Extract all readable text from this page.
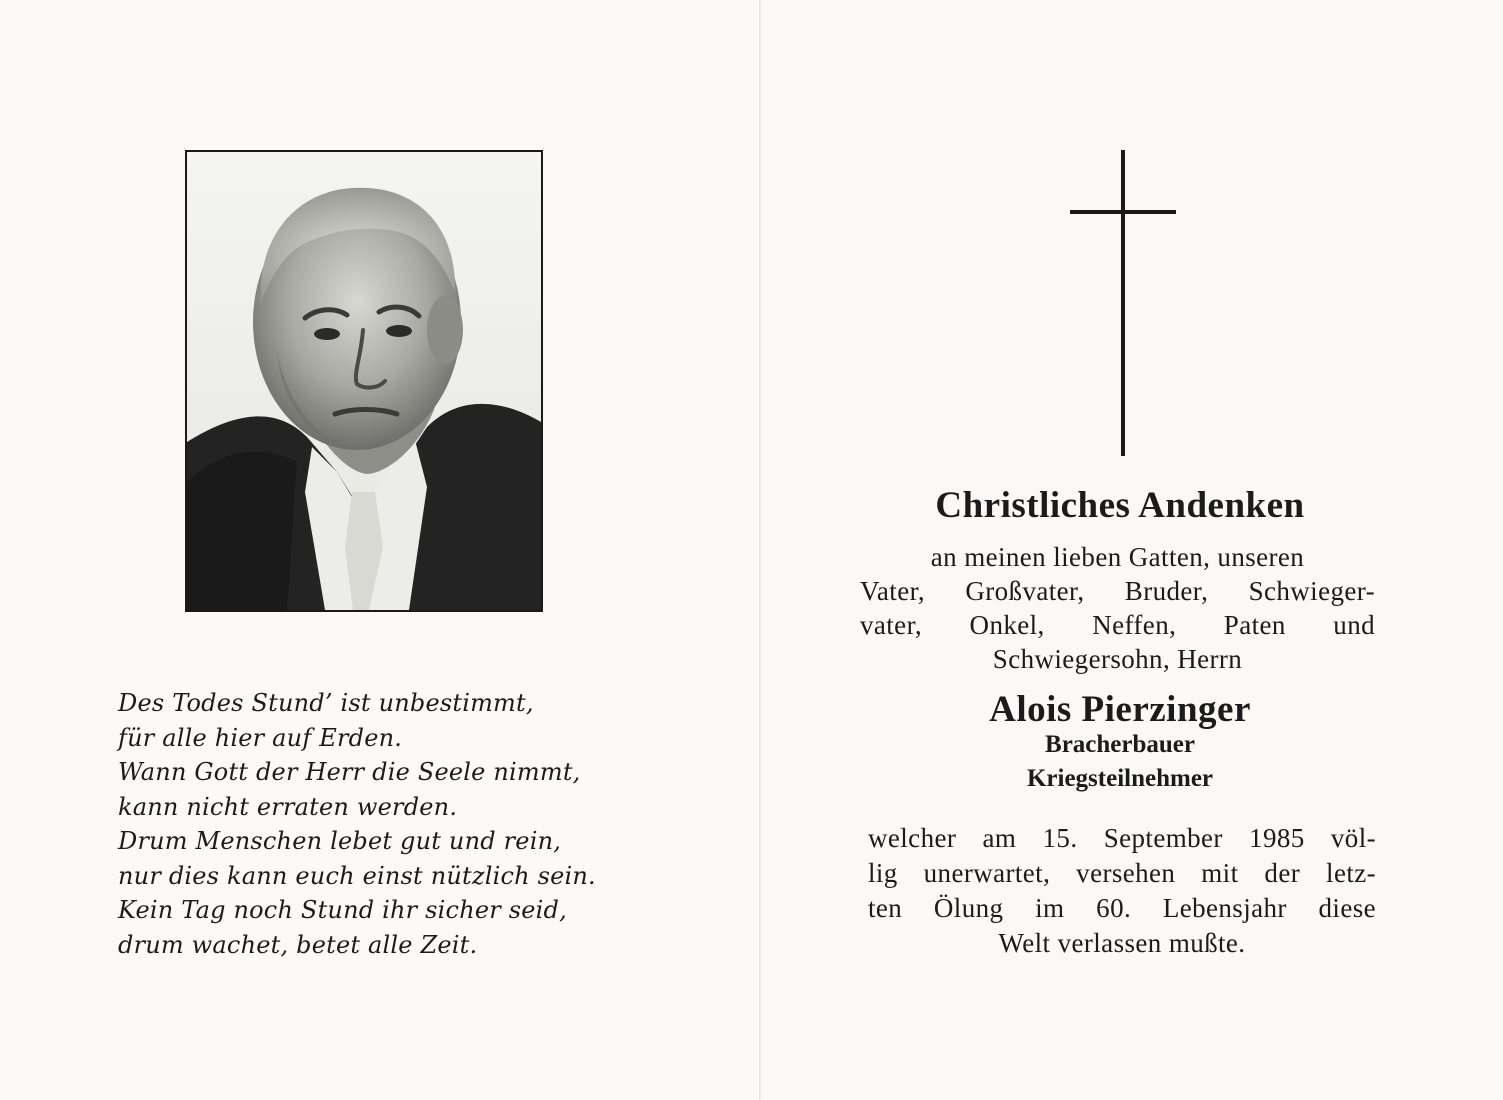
Des Todes Stund’ ist unbestimmt,
für alle hier auf Erden.
Wann Gott der Herr die Seele nimmt,
kann nicht erraten werden.
Drum Menschen lebet gut und rein,
nur dies kann euch einst nützlich sein.
Kein Tag noch Stund ihr sicher seid,
drum wachet, betet alle Zeit.
Christliches Andenken
an meinen lieben Gatten, unseren
Vater, Großvater, Bruder, Schwieger-
vater, Onkel, Neffen, Paten und
Schwiegersohn, Herrn
Alois Pierzinger
Bracherbauer
Kriegsteilnehmer
welcher am 15. September 1985 völ-
lig unerwartet, versehen mit der letz-
ten Ölung im 60. Lebensjahr diese
Welt verlassen mußte.
